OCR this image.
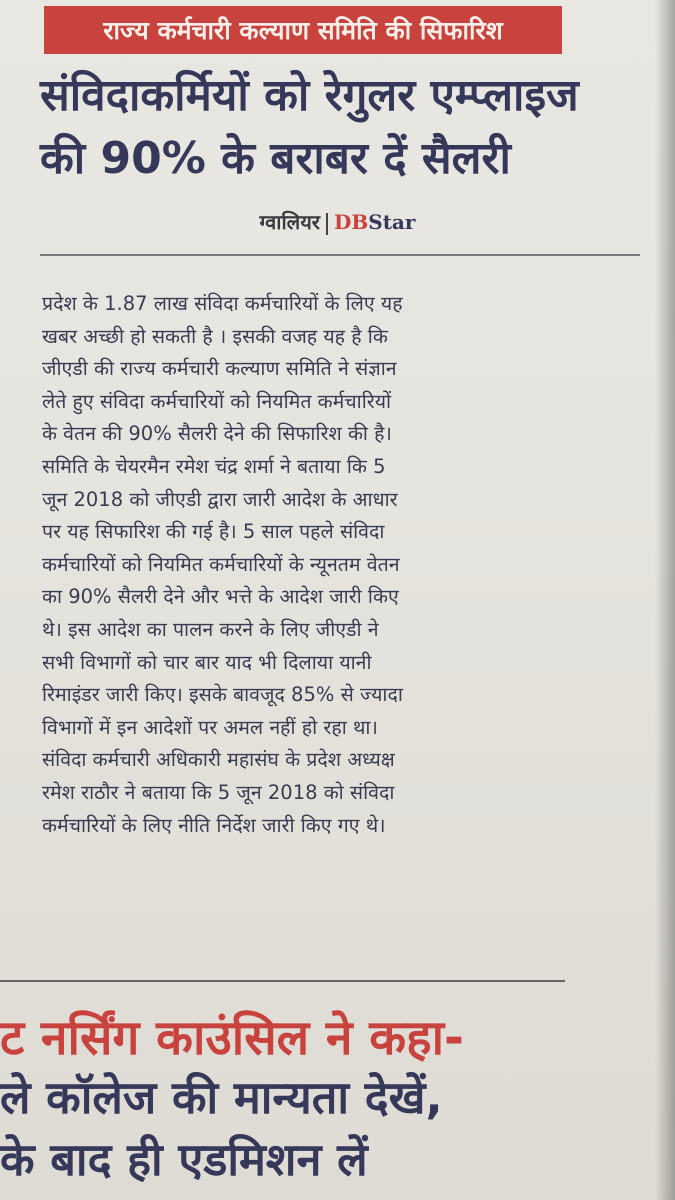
राज्य कर्मचारी कल्याण समिति की सिफारिश
संविदाकर्मियों को रेगुलर एम्प्लाइज
की 90% के बराबर दें सैलरी
ग्वालियर DBStar
प्रदेश के 1.87 लाख संविदा कर्मचारियों के लिए यह
खबर अच्छी हो सकती है । इसकी वजह यह है कि
जीएडी की राज्य कर्मचारी कल्याण समिति ने संज्ञान
लेते हुए संविदा कर्मचारियों को नियमित कर्मचारियों
के वेतन की 90% सैलरी देने की सिफारिश की है।
समिति के चेयरमैन रमेश चंद्र शर्मा ने बताया कि 5
जून 2018 को जीएडी द्वारा जारी आदेश के आधार
पर यह सिफारिश की गई है। 5 साल पहले संविदा
कर्मचारियों को नियमित कर्मचारियों के न्यूनतम वेतन
का 90% सैलरी देने और भत्ते के आदेश जारी किए
थे। इस आदेश का पालन करने के लिए जीएडी ने
सभी विभागों को चार बार याद भी दिलाया यानी
रिमाइंडर जारी किए। इसके बावजूद 85% से ज्यादा
विभागों में इन आदेशों पर अमल नहीं हो रहा था।
संविदा कर्मचारी अधिकारी महासंघ के प्रदेश अध्यक्ष
रमेश राठौर ने बताया कि 5 जून 2018 को संविदा
कर्मचारियों के लिए नीति निर्देश जारी किए गए थे।
ट नर्सिंग काउंसिल ने कहा-
ले कॉलेज की मान्यता देखें,
के बाद ही एडमिशन लें
